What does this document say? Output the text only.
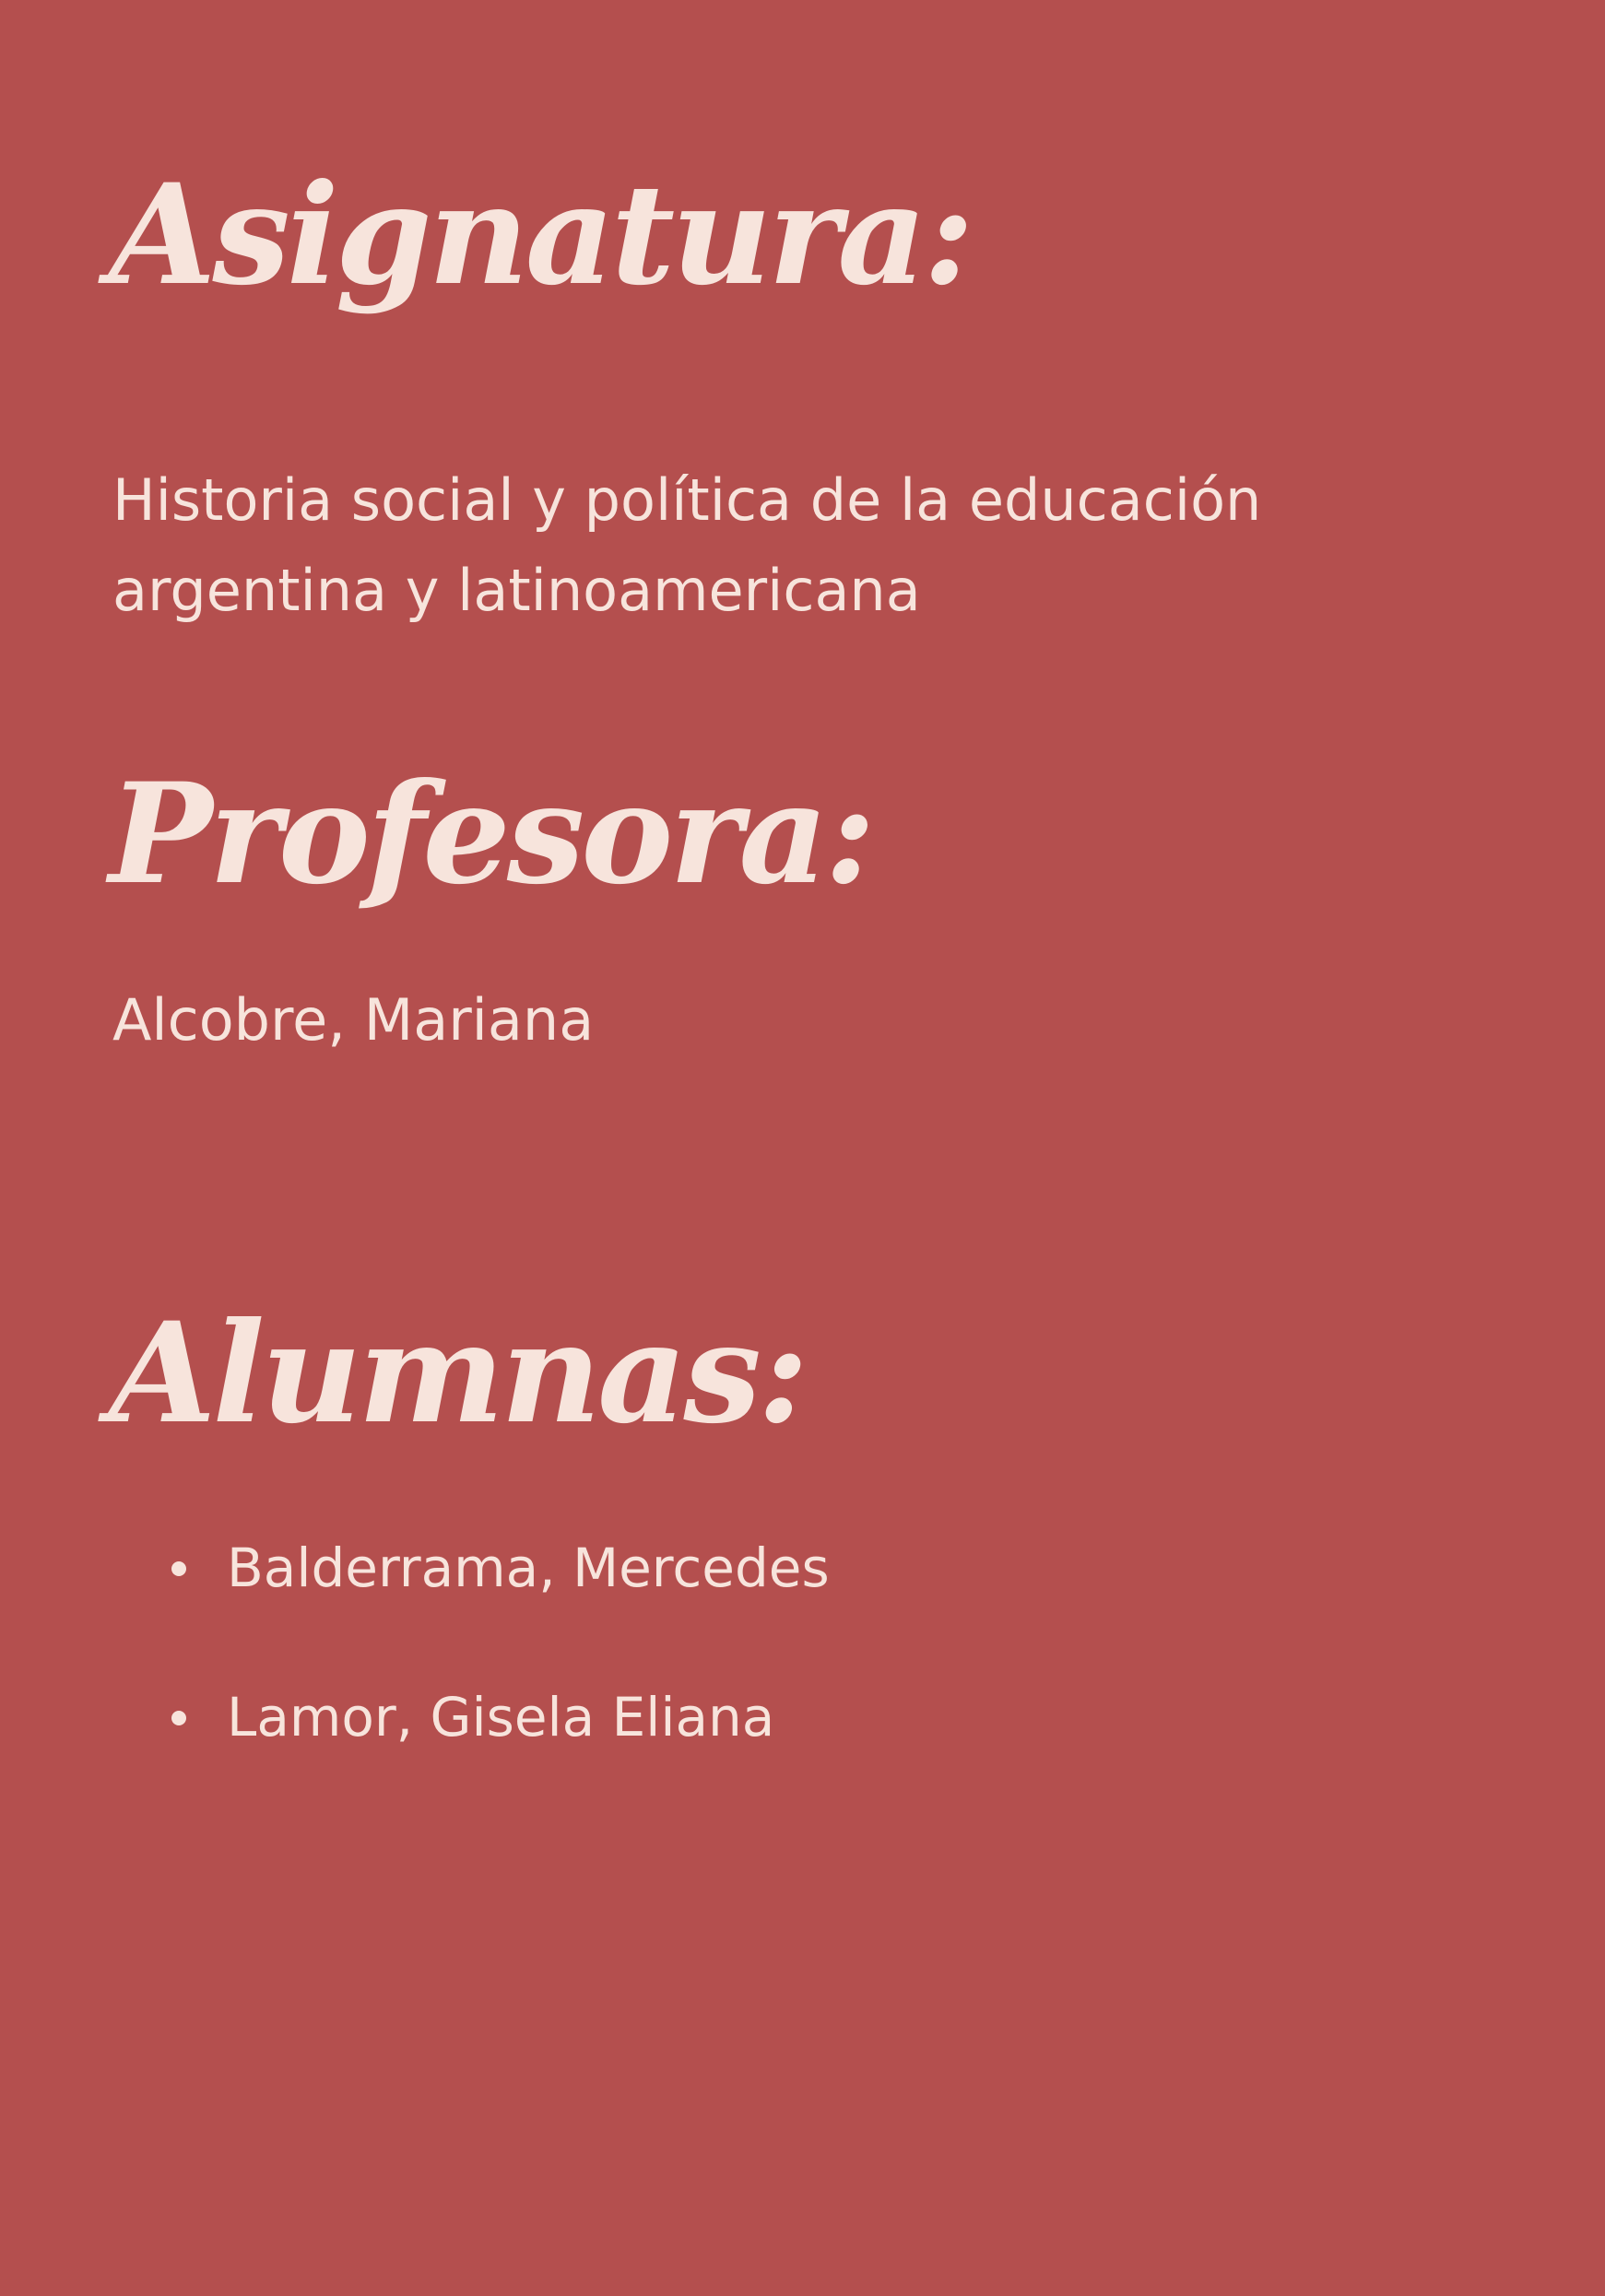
Asignatura:
Historia social y política de la educación
argentina y latinoamericana
Profesora:
Alcobre, Mariana
Alumnas:
Balderrama, Mercedes
Lamor, Gisela Eliana
